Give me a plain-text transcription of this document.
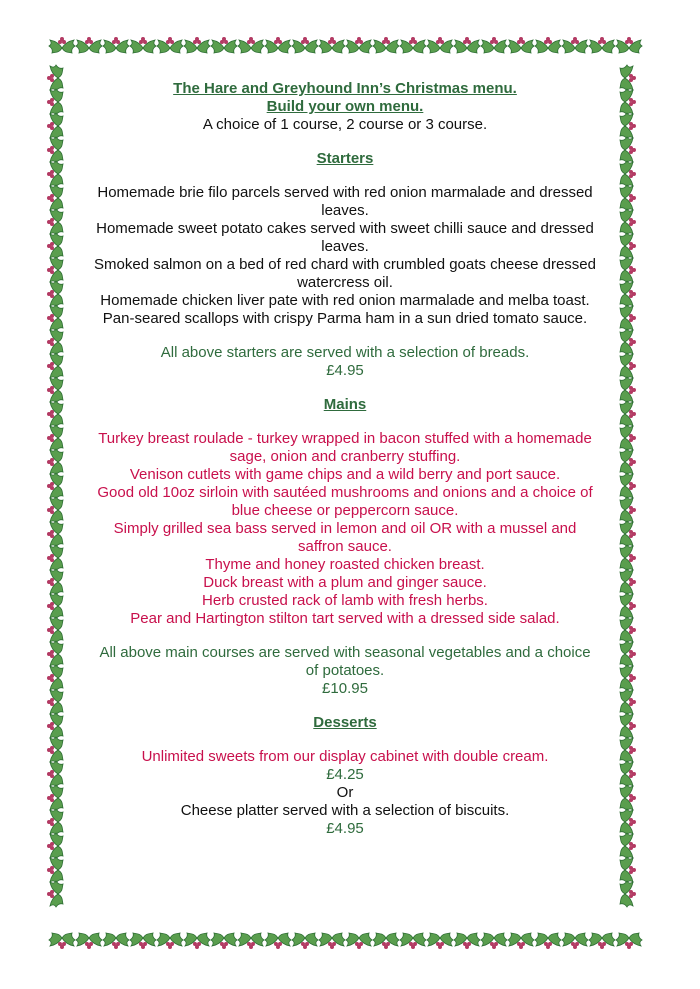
The Hare and Greyhound Inn’s Christmas menu.
Build your own menu.
A choice of 1 course, 2 course or 3 course.
Starters
Homemade brie filo parcels served with red onion marmalade and dressed leaves.
Homemade sweet potato cakes served with sweet chilli sauce and dressed leaves.
Smoked salmon on a bed of red chard with crumbled goats cheese dressed watercress oil.
Homemade chicken liver pate with red onion marmalade and melba toast.
Pan-seared scallops with crispy Parma ham in a sun dried tomato sauce.
All above starters are served with a selection of breads.
£4.95
Mains
Turkey breast roulade - turkey wrapped in bacon stuffed with a homemade sage, onion and cranberry stuffing.
Venison cutlets with game chips and a wild berry and port sauce.
Good old 10oz sirloin with sautéed mushrooms and onions and a choice of blue cheese or peppercorn sauce.
Simply grilled sea bass served in lemon and oil OR with a mussel and saffron sauce.
Thyme and honey roasted chicken breast.
Duck breast with a plum and ginger sauce.
Herb crusted rack of lamb with fresh herbs.
Pear and Hartington stilton tart served with a dressed side salad.
All above main courses are served with seasonal vegetables and a choice of potatoes.
£10.95
Desserts
Unlimited sweets from our display cabinet with double cream.
£4.25
Or
Cheese platter served with a selection of biscuits.
£4.95
